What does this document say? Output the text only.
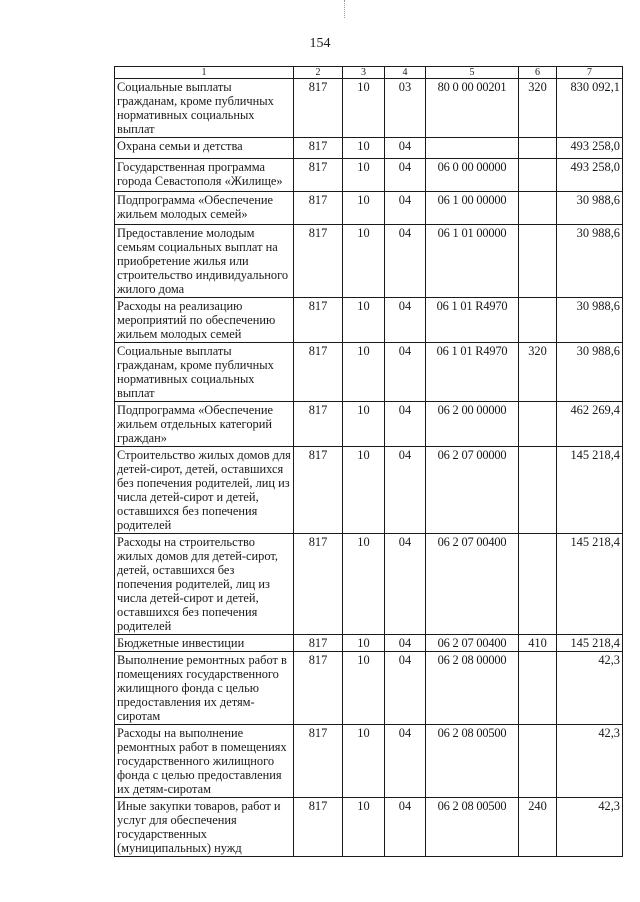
154
1	2	3	4	5	6	7
Социальные выплаты гражданам, кроме публичных нормативных социальных выплат	817	10	03	80 0 00 00201	320	830 092,1
Охрана семьи и детства	817	10	04			493 258,0
Государственная программа города Севастополя «Жилище»	817	10	04	06 0 00 00000		493 258,0
Подпрограмма «Обеспечение жильем молодых семей»	817	10	04	06 1 00 00000		30 988,6
Предоставление молодым семьям социальных выплат на приобретение жилья или строительство индивидуального жилого дома	817	10	04	06 1 01 00000		30 988,6
Расходы на реализацию мероприятий по обеспечению жильем молодых семей	817	10	04	06 1 01 R4970		30 988,6
Социальные выплаты гражданам, кроме публичных нормативных социальных выплат	817	10	04	06 1 01 R4970	320	30 988,6
Подпрограмма «Обеспечение жильем отдельных категорий граждан»	817	10	04	06 2 00 00000		462 269,4
Строительство жилых домов для детей-сирот, детей, оставшихся без попечения родителей, лиц из числа детей-сирот и детей, оставшихся без попечения родителей	817	10	04	06 2 07 00000		145 218,4
Расходы на строительство жилых домов для детей-сирот, детей, оставшихся без попечения родителей, лиц из числа детей-сирот и детей, оставшихся без попечения родителей	817	10	04	06 2 07 00400		145 218,4
Бюджетные инвестиции	817	10	04	06 2 07 00400	410	145 218,4
Выполнение ремонтных работ в помещениях государственного жилищного фонда с целью предоставления их детям-сиротам	817	10	04	06 2 08 00000		42,3
Расходы на выполнение ремонтных работ в помещениях государственного жилищного фонда с целью предоставления их детям-сиротам	817	10	04	06 2 08 00500		42,3
Иные закупки товаров, работ и услуг для обеспечения государственных (муниципальных) нужд	817	10	04	06 2 08 00500	240	42,3
